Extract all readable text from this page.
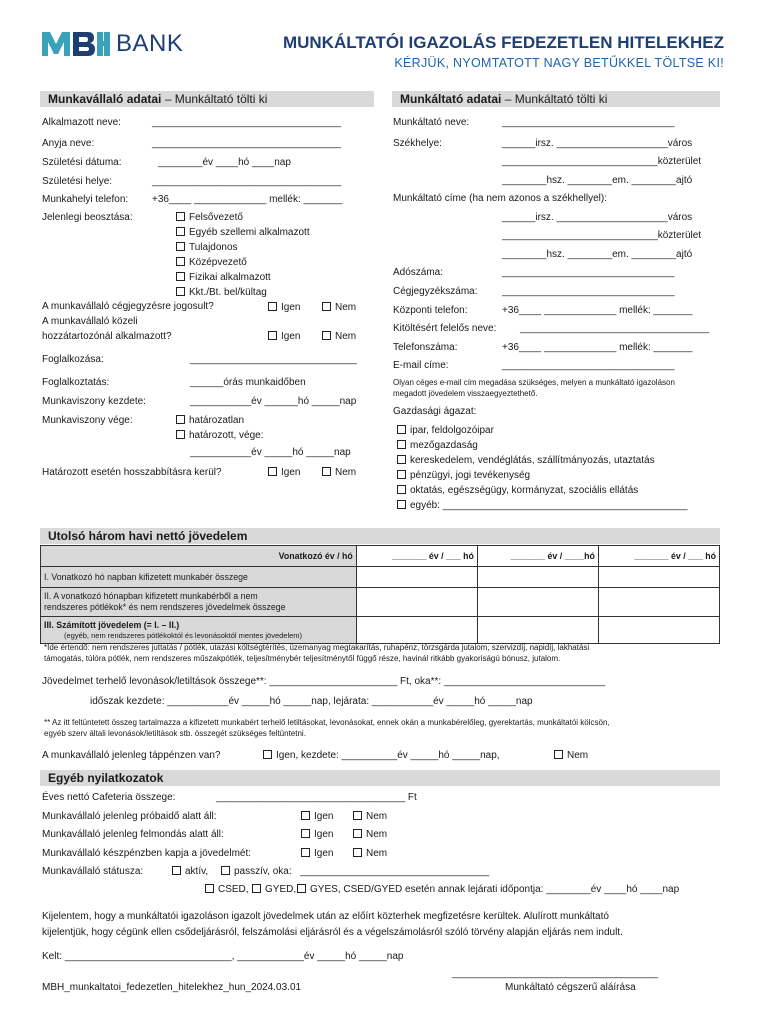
BANK	MUNKÁLTATÓI IGAZOLÁS FEDEZETLEN HITELEKHEZ
KÉRJÜK, NYOMTATOTT NAGY BETŰKKEL TÖLTSE KI!
Munkavállaló adatai – Munkáltató tölti ki
Alkalmazott neve:	__________________________________
Anyja neve:	__________________________________
Születési dátuma:	________év ____hó ____nap
Születési helye:	__________________________________
Munkahelyi telefon: +36____ _____________ mellék: _______
Jelenlegi beosztása:	Felsővezető
Egyéb szellemi alkalmazott
Tulajdonos
Középvezető
Fizikai alkalmazott
Kkt./Bt. bel/kültag
A munkavállaló cégjegyzésre jogosult?	Igen	Nem
A munkavállaló közeli
hozzátartozónál alkalmazott?	Igen	Nem
Foglalkozása:	______________________________
Foglalkoztatás:	______órás munkaidőben
Munkaviszony kezdete:	___________év ______hó _____nap
Munkaviszony vége:	határozatlan
határozott, vége:
___________év _____hó _____nap
Határozott esetén hosszabbításra kerül?	Igen	Nem
Munkáltató adatai – Munkáltató tölti ki
Munkáltató neve:	_______________________________
Székhelye:	______irsz. ____________________város
____________________________közterület
________hsz. ________em. ________ajtó
Munkáltató címe (ha nem azonos a székhellyel):
______irsz. ____________________város
____________________________közterület
________hsz. ________em. ________ajtó
Adószáma:	_______________________________
Cégjegyzékszáma: _______________________________
Központi telefon:	+36____ _____________ mellék: _______
Kitöltésért felelős neve: __________________________________
Telefonszáma:	+36____ _____________ mellék: _______
E-mail címe:	_______________________________
Olyan céges e-mail cím megadása szükséges, melyen a munkáltató igazoláson
megadott jövedelem visszaegyeztethető.
Gazdasági ágazat:
ipar, feldolgozóipar
mezőgazdaság
kereskedelem, vendéglátás, szállítmányozás, utaztatás
pénzügyi, jogi tevékenység
oktatás, egészségügy, kormányzat, szociális ellátás
egyéb: ____________________________________________
Utolsó három havi nettó jövedelem
Vonatkozó év / hó	_______ év / ___ hó	_______ év / ____hó	_______ év / ___ hó
I. Vonatkozó hó napban kifizetett munkabér összege			
II. A vonatkozó hónapban kifizetett munkabérből a nem
rendszeres pótlékok* és nem rendszeres jövedelmek összege			
III. Számított jövedelem (= I. – II.)
(egyéb, nem rendszeres pótlékoktól és levonásoktól mentes jövedelem)			
*Ide értendő: nem rendszeres juttatás / pótlék, utazási költségtérítés, üzemanyag megtakarítás, ruhapénz, törzsgárda jutalom, szervizdíj, napidíj, lakhatási
támogatás, túlóra pótlék, nem rendszeres műszakpótlék, teljesítménybér teljesítménytől függő része, havinál ritkább gyakoriságú bónusz, jutalom.
Jövedelmet terhelő levonások/letiltások összege**: _______________________ Ft, oka**: _____________________________
időszak kezdete: ___________év _____hó _____nap, lejárata: ___________év _____hó _____nap
** Az itt feltüntetett összeg tartalmazza a kifizetett munkabért terhelő letiltásokat, levonásokat, ennek okán a munkabérelőleg, gyerektartás, munkáltatói kölcsön,
egyéb szerv általi levonások/letiltások stb. összegét szükséges feltüntetni.
A munkavállaló jelenleg táppénzen van?	Igen, kezdete: __________év _____hó _____nap,	Nem
Egyéb nyilatkozatok
Éves nettó Cafeteria összege:	__________________________________ Ft
Munkavállaló jelenleg próbaidő alatt áll:	Igen	Nem
Munkavállaló jelenleg felmondás alatt áll:	Igen	Nem
Munkavállaló készpénzben kapja a jövedelmét:	Igen	Nem
Munkavállaló státusza:	aktív,	passzív, oka: __________________________________
CSED,	GYED,	GYES, CSED/GYED esetén annak lejárati időpontja: ________év ____hó ____nap
Kijelentem, hogy a munkáltatói igazoláson igazolt jövedelmek után az előírt közterhek megfizetésre kerültek. Alulírott munkáltató
kijelentjük, hogy cégünk ellen csődeljárásról, felszámolási eljárásról és a végelszámolásról szóló törvény alapján eljárás nem indult.
Kelt: ______________________________, ____________év _____hó _____nap
_____________________________________
Munkáltató cégszerű aláírása
MBH_munkaltatoi_fedezetlen_hitelekhez_hun_2024.03.01
